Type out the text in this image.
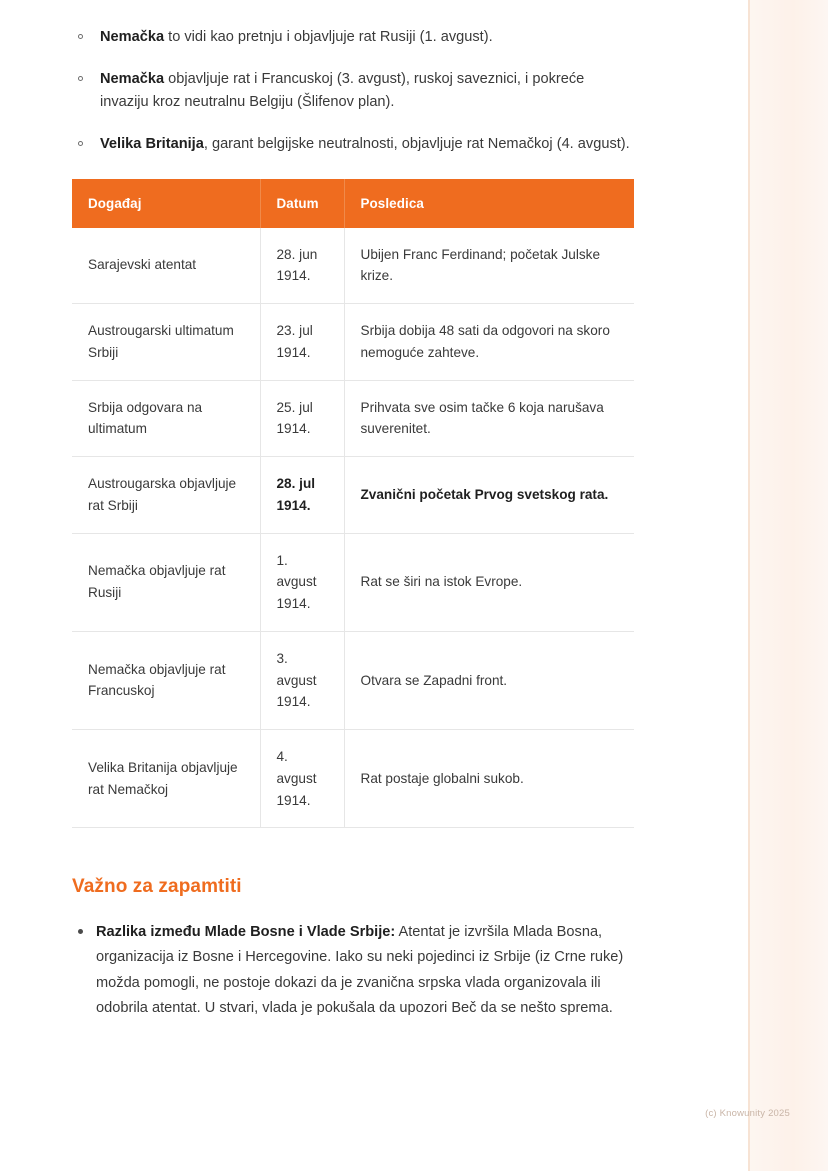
Nemačka to vidi kao pretnju i objavljuje rat Rusiji (1. avgust).
Nemačka objavljuje rat i Francuskoj (3. avgust), ruskoj saveznici, i pokreće invaziju kroz neutralnu Belgiju (Šlifenov plan).
Velika Britanija, garant belgijske neutralnosti, objavljuje rat Nemačkoj (4. avgust).
Događaj	Datum	Posledica
Sarajevski atentat	28. jun 1914.	Ubijen Franc Ferdinand; početak Julske krize.
Austrougarski ultimatum Srbiji	23. jul 1914.	Srbija dobija 48 sati da odgovori na skoro nemoguće zahteve.
Srbija odgovara na ultimatum	25. jul 1914.	Prihvata sve osim tačke 6 koja narušava suverenitet.
Austrougarska objavljuje rat Srbiji	28. jul 1914.	Zvanični početak Prvog svetskog rata.
Nemačka objavljuje rat Rusiji	1. avgust 1914.	Rat se širi na istok Evrope.
Nemačka objavljuje rat Francuskoj	3. avgust 1914.	Otvara se Zapadni front.
Velika Britanija objavljuje rat Nemačkoj	4. avgust 1914.	Rat postaje globalni sukob.
Važno za zapamtiti
Razlika između Mlade Bosne i Vlade Srbije: Atentat je izvršila Mlada Bosna, organizacija iz Bosne i Hercegovine. Iako su neki pojedinci iz Srbije (iz Crne ruke) možda pomogli, ne postoje dokazi da je zvanična srpska vlada organizovala ili odobrila atentat. U stvari, vlada je pokušala da upozori Beč da se nešto sprema.
(c) Knowunity 2025
